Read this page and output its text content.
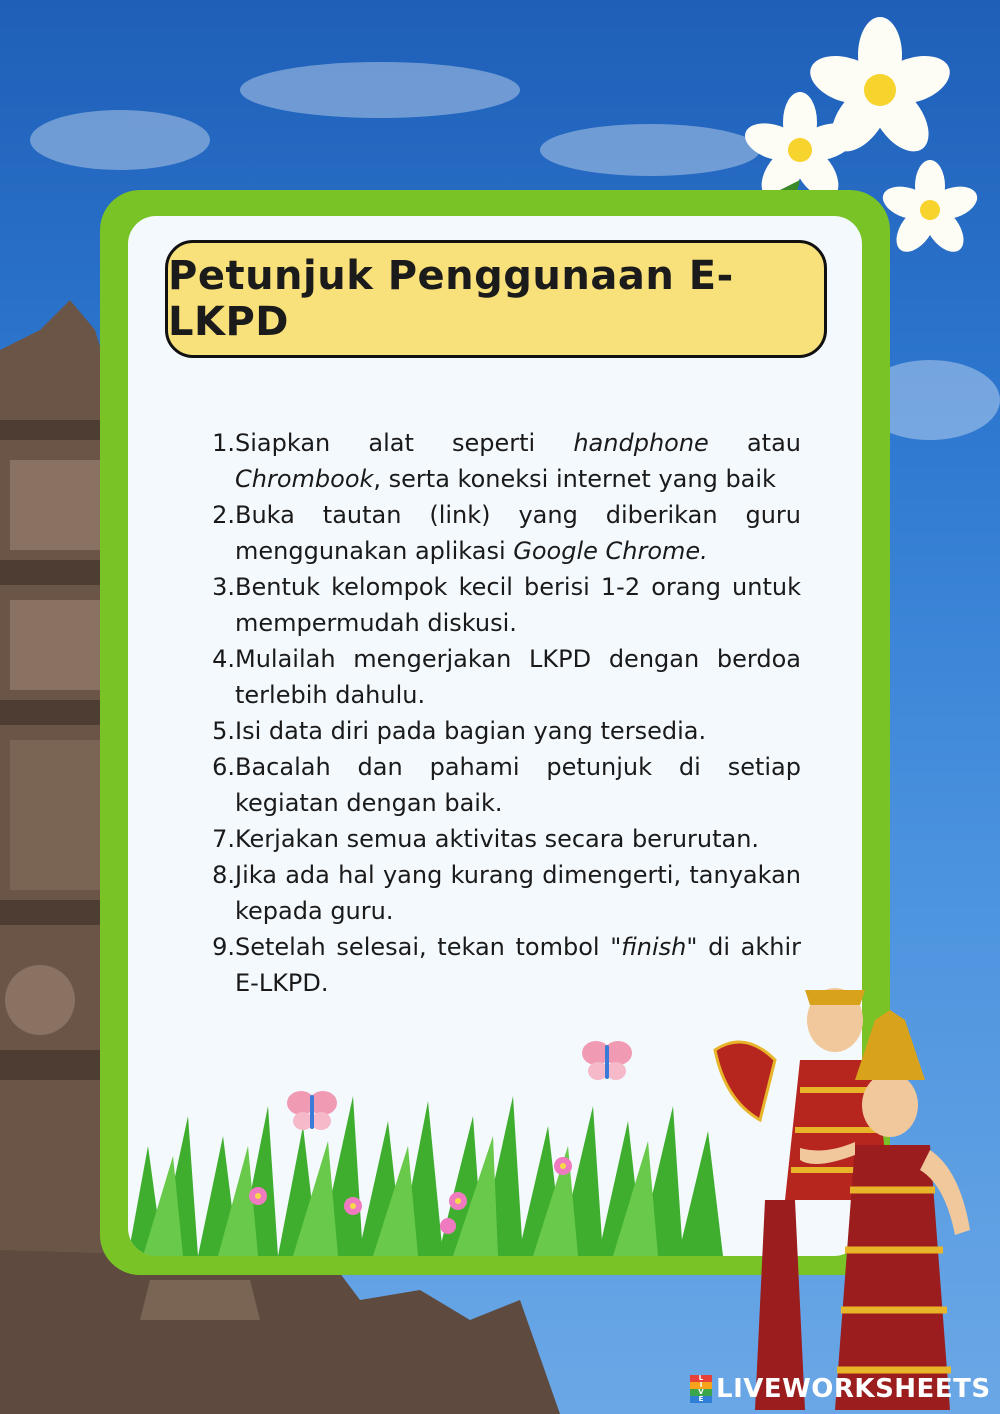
Petunjuk Penggunaan E-LKPD
1. Siapkan alat seperti handphone atau Chrombook, serta koneksi internet yang baik
2. Buka tautan (link) yang diberikan guru menggunakan aplikasi Google Chrome.
3. Bentuk kelompok kecil berisi 1-2 orang untuk mempermudah diskusi.
4. Mulailah mengerjakan LKPD dengan berdoa terlebih dahulu.
5. Isi data diri pada bagian yang tersedia.
6. Bacalah dan pahami petunjuk di setiap kegiatan dengan baik.
7. Kerjakan semua aktivitas secara berurutan.
8. Jika ada hal yang kurang dimengerti, tanyakan kepada guru.
9. Setelah selesai, tekan tombol "finish" di akhir E-LKPD.
L
I
V
E LIVEWORKSHEETS
